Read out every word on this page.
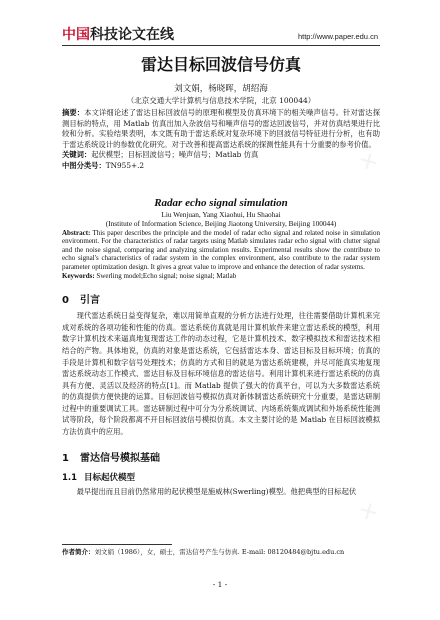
中国 科技论文在线	http://www.paper.edu.cn
雷达目标回波信号仿真
刘文娟，杨晓晖，胡绍海
（北京交通大学计算机与信息技术学院，北京 100044）
摘要：本文详细论述了雷达目标回波信号的原理和模型及仿真环境下的相关噪声信号。针对雷达探测目标的特点，用 Matlab 仿真出加入杂波信号和噪声信号的雷达回波信号，并对仿真结果进行比较和分析。实验结果表明，本文既有助于雷达系统对复杂环境下的回波信号特征进行分析，也有助于雷达系统设计的参数优化研究。对于改善和提高雷达系统的探测性能具有十分重要的参考价值。
关键词：起伏模型；目标回波信号；噪声信号；Matlab 仿真
中图分类号：TN955+.2
Radar echo signal simulation
Liu Wenjuan, Yang Xiaohui, Hu Shaohai
(Institute of Information Science, Beijing Jiaotong University, Beijing 100044)
Abstract: This paper describes the principle and the model of radar echo signal and related noise in simulation environment. For the characteristics of radar targets using Matlab simulates radar echo signal with clutter signal and the noise signal, comparing and analyzing simulation results. Experimental results show the contribute to echo signal's characteristics of radar system in the complex environment, also contribute to the radar system parameter optimization design. It gives a great value to improve and enhance the detection of radar systems.
Keywords: Swerling model;Echo signal; noise signal; Matlab
0 引言
现代雷达系统日益变得复杂，难以用简单直观的分析方法进行处理，往往需要借助计算机来完成对系统的各项功能和性能的仿真。雷达系统仿真就是用计算机软件来建立雷达系统的模型，利用数字计算机技术来逼真地复现雷达工作的动态过程，它是计算机技术、数字模拟技术和雷达技术相结合的产物。具体地说，仿真的对象是雷达系统，它包括雷达本身、雷达目标及目标环境；仿真的手段是计算机和数字信号处理技术；仿真的方式和目的就是为雷达系统建模，并尽可能真实地复现雷达系统动态工作模式、雷达目标及目标环境信息的雷达信号。利用计算机来进行雷达系统的仿真具有方便、灵活以及经济的特点[1]。而 Matlab 提供了强大的仿真平台，可以为大多数雷达系统的仿真提供方便快捷的运算。目标回波信号模拟仿真对新体制雷达系统研究十分重要，是雷达研制过程中的重要调试工具。雷达研制过程中可分为分系统调试、内场系统集成调试和外场系统性能测试等阶段，每个阶段都离不开目标回波信号模拟仿真。本文主要讨论的是 Matlab 在目标回波模拟方法仿真中的应用。
1 雷达信号模拟基础
1.1 目标起伏模型
最早提出而且目前仍然常用的起伏模型是施威林(Swerling)模型。他把典型的目标起伏
作者简介：刘文娟（1986），女，硕士，雷达信号产生与仿真. E-mail: 08120484@bjtu.edu.cn
- 1 -
